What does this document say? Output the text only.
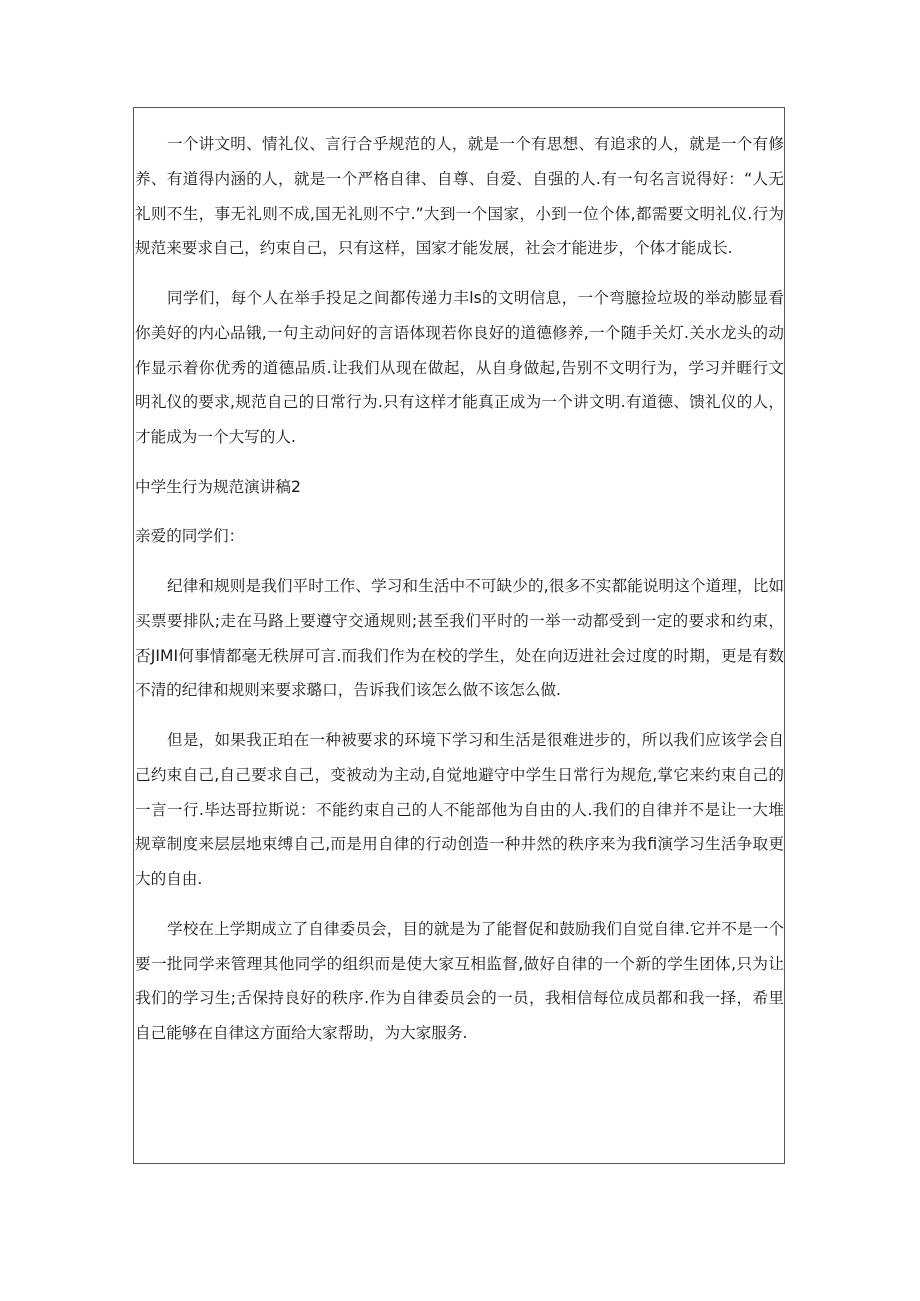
一个讲文明、情礼仪、言行合乎规范的人，就是一个有思想、有追求的人，就是一个有修养、有道得内涵的人，就是一个严格自律、自尊、自爱、自强的人.有一句名言说得好：“人无礼则不生，事无礼则不成,国无礼则不宁.”大到一个国家，小到一位个体,都需要文明礼仪.行为规范来要求自己，约束自己，只有这样，国家才能发展，社会才能进步，个体才能成长.

同学们，每个人在举手投足之间都传递力丰ls的文明信息，一个弯臆捡垃圾的举动膨显看你美好的内心品锇,一句主动问好的言语体现若你良好的道德修养,一个随手关灯.关水龙头的动作显示着你优秀的道德品质.让我们从现在做起，从自身做起,告别不文明行为，学习并睚行文明礼仪的要求,规范自己的日常行为.只有这样才能真正成为一个讲文明.有道德、馈礼仪的人，才能成为一个大写的人.

中学生行为规范演讲稿2

亲爱的同学们：

纪律和规则是我们平时工作、学习和生活中不可缺少的,很多不实都能说明这个道理，比如买票要排队;走在马路上要遵守交通规则;甚至我们平时的一举一动都受到一定的要求和约束，否JIMI何事情都毫无秩屏可言.而我们作为在校的学生，处在向迈进社会过度的时期，更是有数不清的纪律和规则来要求璐口，告诉我们该怎么做不该怎么做.

但是，如果我正珀在一种被要求的环境下学习和生活是很难进步的，所以我们应该学会自己约束自己,自己要求自己，变被动为主动,自觉地避守中学生日常行为规危,掌它来约束自己的一言一行.毕达哥拉斯说：不能约束自己的人不能部他为自由的人.我们的自律并不是让一大堆规章制度来层层地束缚自己,而是用自律的行动创造一种井然的秩序来为我fi演学习生活争取更大的自由.

学校在上学期成立了自律委员会，目的就是为了能督促和鼓励我们自觉自律.它并不是一个要一批同学来管理其他同学的组织而是使大家互相监督,做好自律的一个新的学生团体,只为让我们的学习生;舌保持良好的秩序.作为自律委员会的一员，我相信每位成员都和我一择，希里自己能够在自律这方面给大家帮助，为大家服务.
